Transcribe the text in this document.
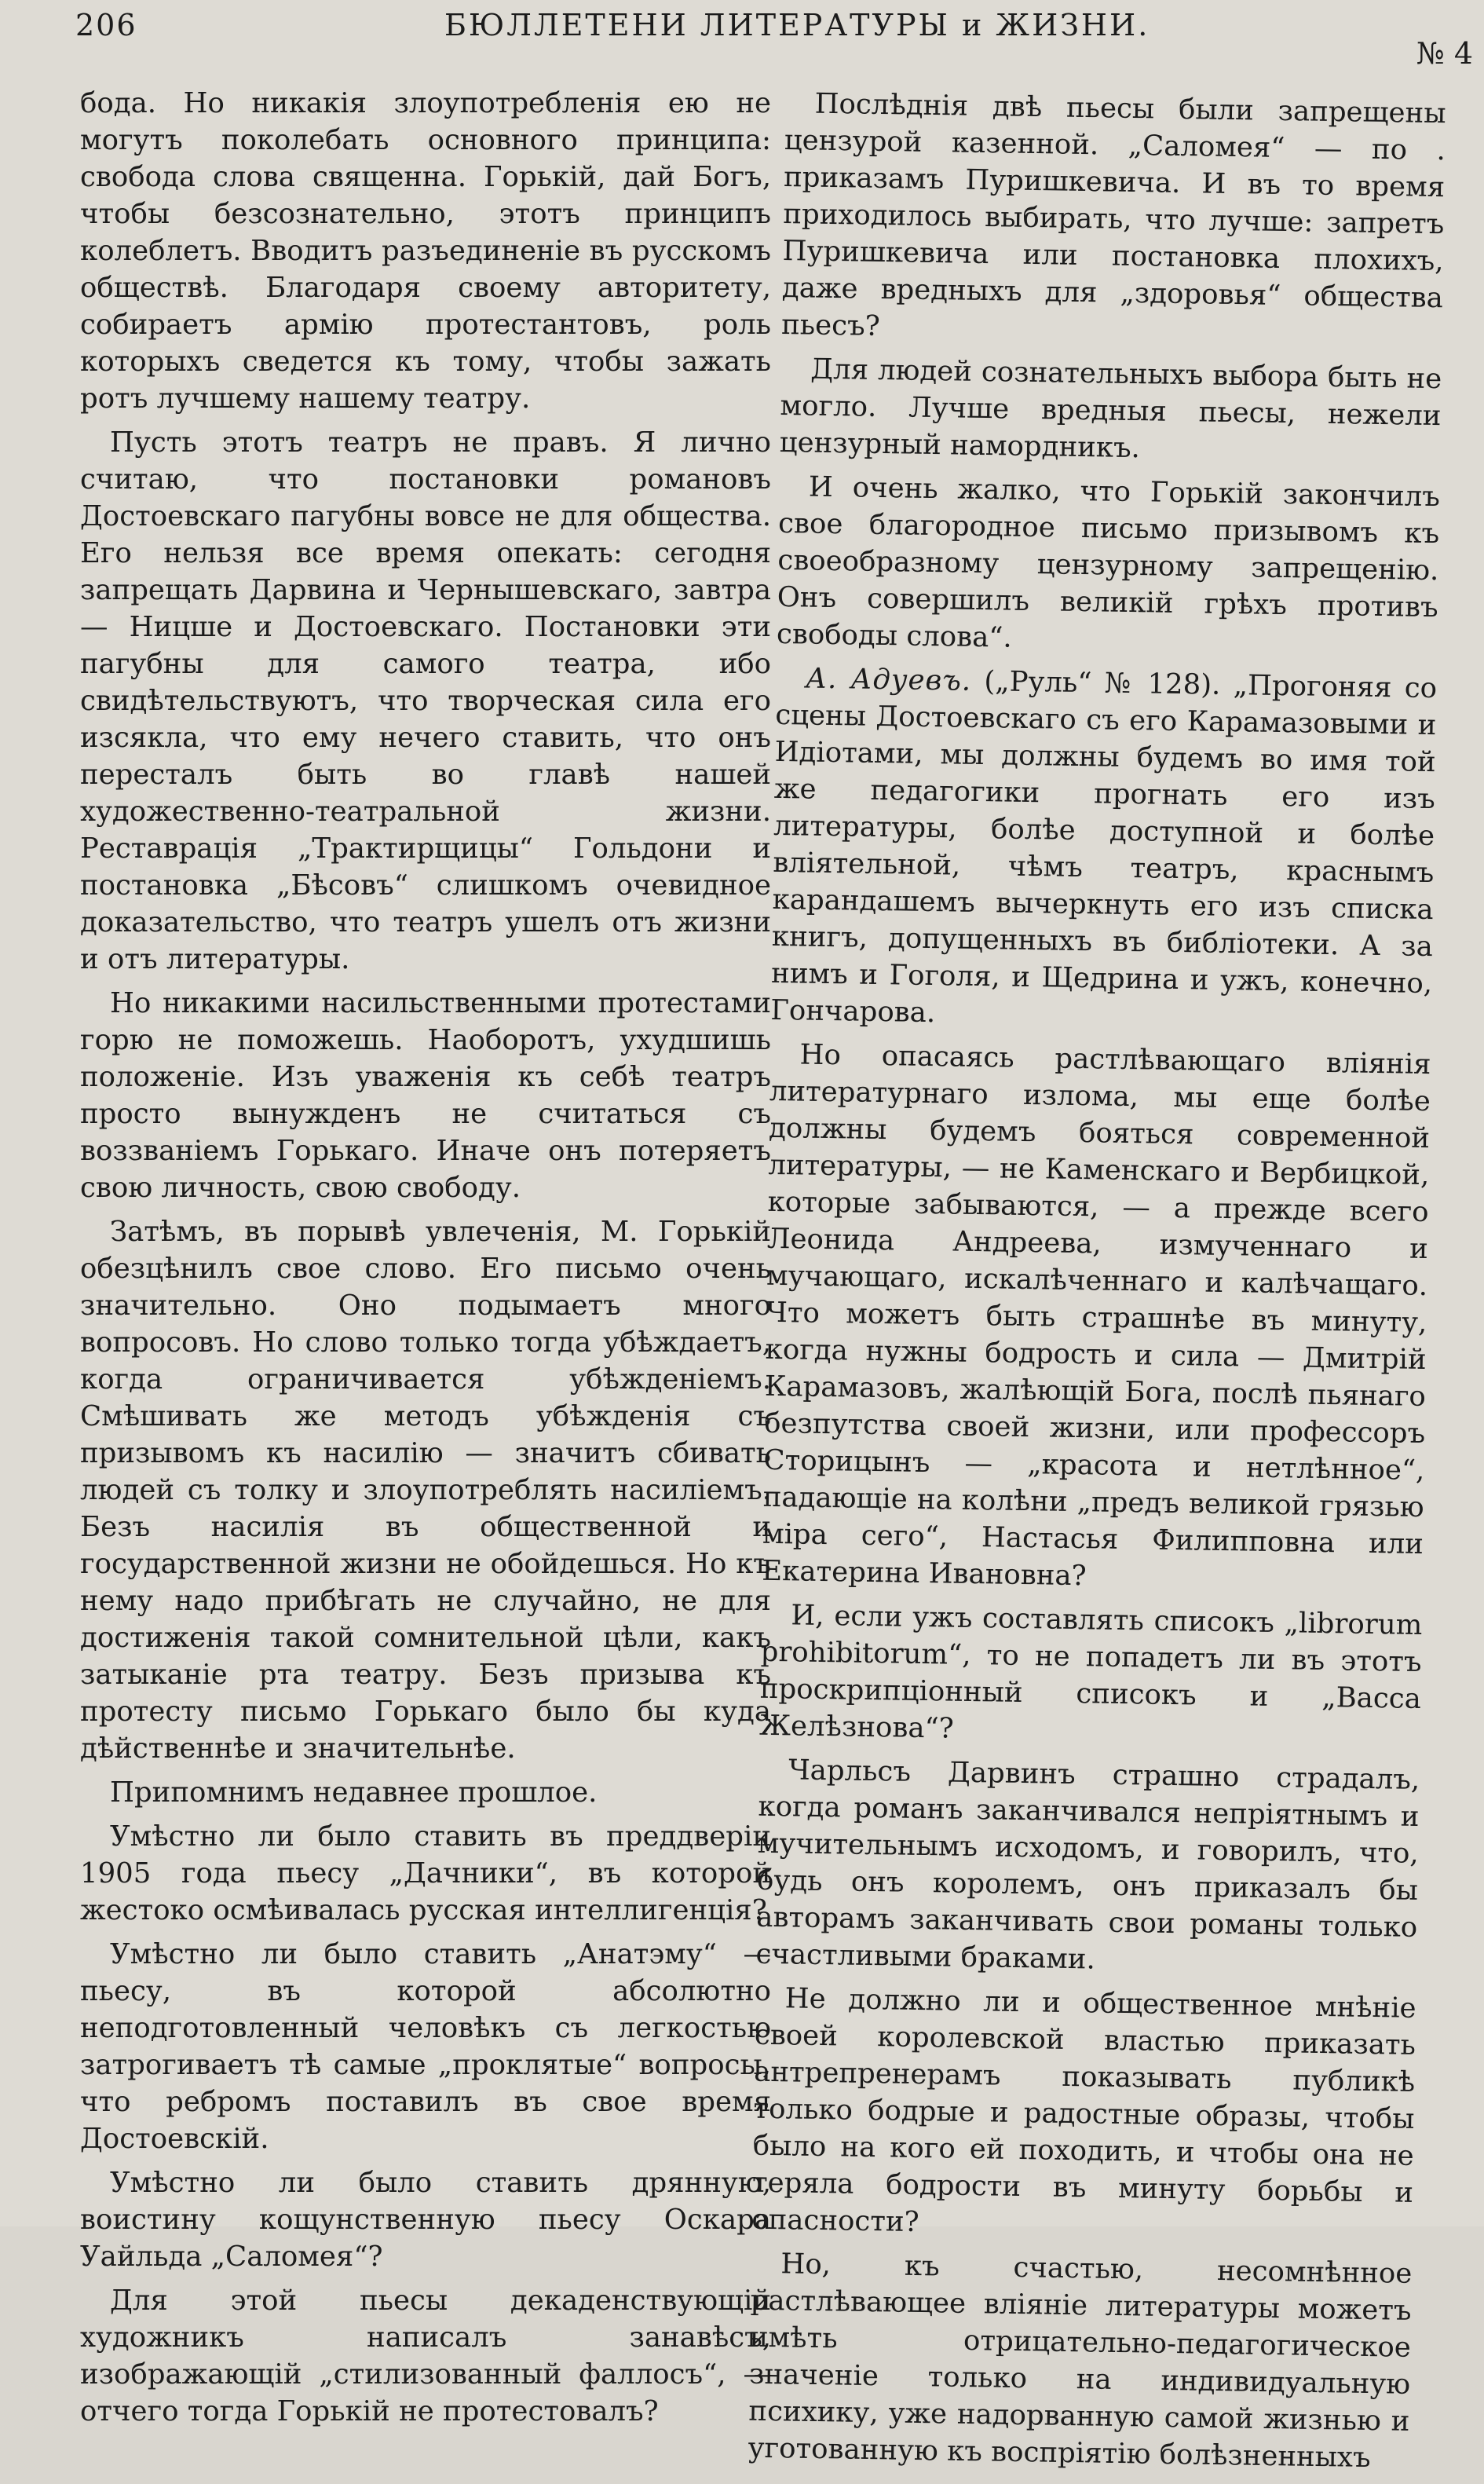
206	БЮЛЛЕТЕНИ ЛИТЕРАТУРЫ и ЖИЗНИ.
№ 4

бода. Но никакія злоупотребленія ею не могутъ поколебать основного принципа: свобода слова священна. Горькій, дай Богъ, чтобы безсознательно, этотъ принципъ колеблетъ. Вводитъ разъединеніе въ русскомъ обществѣ. Благодаря своему авторитету, собираетъ армію протестантовъ, роль которыхъ сведется къ тому, чтобы зажать ротъ лучшему нашему театру.

Пусть этотъ театръ не правъ. Я лично считаю, что постановки романовъ Достоевскаго пагубны вовсе не для общества. Его нельзя все время опекать: сегодня запрещать Дарвина и Чернышевскаго, завтра — Ницше и Достоевскаго. Постановки эти пагубны для самого театра, ибо свидѣтельствуютъ, что творческая сила его изсякла, что ему нечего ставить, что онъ пересталъ быть во главѣ нашей художественно-театральной жизни. Реставрація „Трактирщицы“ Гольдони и постановка „Бѣсовъ“ слишкомъ очевидное доказательство, что театръ ушелъ отъ жизни и отъ литературы.

Но никакими насильственными протестами горю не поможешь. Наоборотъ, ухудшишь положеніе. Изъ уваженія къ себѣ театръ просто вынужденъ не считаться съ воззваніемъ Горькаго. Иначе онъ потеряетъ свою личность, свою свободу.

Затѣмъ, въ порывѣ увлеченія, М. Горькій обезцѣнилъ свое слово. Его письмо очень значительно. Оно подымаетъ много вопросовъ. Но слово только тогда убѣждаетъ, когда ограничивается убѣжденіемъ. Смѣшивать же методъ убѣжденія съ призывомъ къ насилію — значитъ сбивать людей съ толку и злоупотреблять насиліемъ. Безъ насилія въ общественной и государственной жизни не обойдешься. Но къ нему надо прибѣгать не случайно, не для достиженія такой сомнительной цѣли, какъ затыканіе рта театру. Безъ призыва къ протесту письмо Горькаго было бы куда дѣйственнѣе и значительнѣе.

Припомнимъ недавнее прошлое.

Умѣстно ли было ставить въ преддверіи 1905 года пьесу „Дачники“, въ которой жестоко осмѣивалась русская интеллигенція?

Умѣстно ли было ставить „Анатэму“ — пьесу, въ которой абсолютно неподготовленный человѣкъ съ легкостью затрогиваетъ тѣ самые „проклятые“ вопросы, что ребромъ поставилъ въ свое время Достоевскій.

Умѣстно ли было ставить дрянную, воистину кощунственную пьесу Оскара Уайльда „Саломея“?

Для этой пьесы декаденствующій художникъ написалъ занавѣсъ, изображающій „стилизованный фаллосъ“, — отчего тогда Горькій не протестовалъ?

Послѣднія двѣ пьесы были запрещены цензурой казенной. „Саломея“ — по . приказамъ Пуришкевича. И въ то время приходилось выбирать, что лучше: запретъ Пуришкевича или постановка плохихъ, даже вредныхъ для „здоровья“ общества пьесъ?

Для людей сознательныхъ выбора быть не могло. Лучше вредныя пьесы, нежели цензурный намордникъ.

И очень жалко, что Горькій закончилъ свое благородное письмо призывомъ къ своеобразному цензурному запрещенію. Онъ совершилъ великій грѣхъ противъ свободы слова“.

А. Адуевъ. („Руль“ № 128). „Прогоняя со сцены Достоевскаго съ его Карамазовыми и Идіотами, мы должны будемъ во имя той же педагогики прогнать его изъ литературы, болѣе доступной и болѣе вліятельной, чѣмъ театръ, краснымъ карандашемъ вычеркнуть его изъ списка книгъ, допущенныхъ въ библіотеки. А за нимъ и Гоголя, и Щедрина и ужъ, конечно, Гончарова.

Но опасаясь растлѣвающаго вліянія литературнаго излома, мы еще болѣе должны будемъ бояться современной литературы, — не Каменскаго и Вербицкой, которые забываются, — а прежде всего Леонида Андреева, измученнаго и мучающаго, искалѣченнаго и калѣчащаго. Что можетъ быть страшнѣе въ минуту, когда нужны бодрость и сила — Дмитрій Карамазовъ, жалѣющій Бога, послѣ пьянаго безпутства своей жизни, или профессоръ Сторицынъ — „красота и нетлѣнное“, падающіе на колѣни „предъ великой грязью міра сего“, Настасья Филипповна или Екатерина Ивановна?

И, если ужъ составлять списокъ „librorum prohibitorum“, то не попадетъ ли въ этотъ проскрипціонный списокъ и „Васса Желѣзнова“?

Чарльсъ Дарвинъ страшно страдалъ, когда романъ заканчивался непріятнымъ и мучительнымъ исходомъ, и говорилъ, что, будь онъ королемъ, онъ приказалъ бы авторамъ заканчивать свои романы только счастливыми браками.

Не должно ли и общественное мнѣніе своей королевской властью приказать антрепренерамъ показывать публикѣ только бодрые и радостные образы, чтобы было на кого ей походить, и чтобы она не теряла бодрости въ минуту борьбы и опасности?

Но, къ счастью, несомнѣнное растлѣвающее вліяніе литературы можетъ имѣть отрицательно-педагогическое значеніе только на индивидуальную психику, уже надорванную самой жизнью и уготованную къ воспріятію болѣзненныхъ
